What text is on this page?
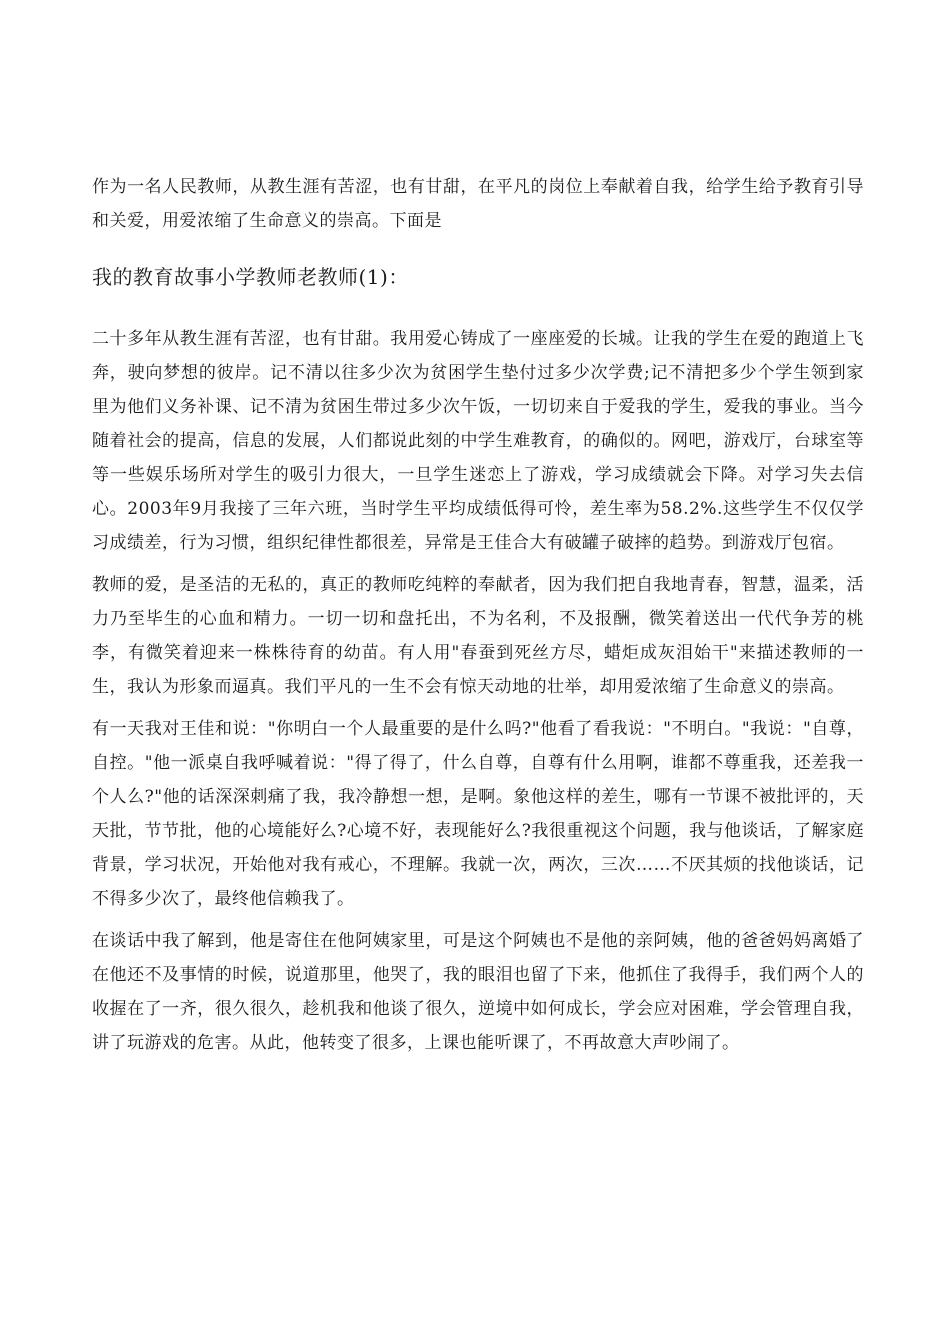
作为一名人民教师，从教生涯有苦涩，也有甘甜，在平凡的岗位上奉献着自我，给学生给予教育引导和关爱，用爱浓缩了生命意义的崇高。下面是

我的教育故事小学教师老教师(1)：

二十多年从教生涯有苦涩，也有甘甜。我用爱心铸成了一座座爱的长城。让我的学生在爱的跑道上飞奔，驶向梦想的彼岸。记不清以往多少次为贫困学生垫付过多少次学费;记不清把多少个学生领到家里为他们义务补课、记不清为贫困生带过多少次午饭，一切切来自于爱我的学生，爱我的事业。当今随着社会的提高，信息的发展，人们都说此刻的中学生难教育，的确似的。网吧，游戏厅，台球室等等一些娱乐场所对学生的吸引力很大，一旦学生迷恋上了游戏，学习成绩就会下降。对学习失去信心。2003年9月我接了三年六班，当时学生平均成绩低得可怜，差生率为58.2%.这些学生不仅仅学习成绩差，行为习惯，组织纪律性都很差，异常是王佳合大有破罐子破摔的趋势。到游戏厅包宿。

教师的爱，是圣洁的无私的，真正的教师吃纯粹的奉献者，因为我们把自我地青春，智慧，温柔，活力乃至毕生的心血和精力。一切一切和盘托出，不为名利，不及报酬，微笑着送出一代代争芳的桃李，有微笑着迎来一株株待育的幼苗。有人用"春蚕到死丝方尽，蜡炬成灰泪始干"来描述教师的一生，我认为形象而逼真。我们平凡的一生不会有惊天动地的壮举，却用爱浓缩了生命意义的崇高。

有一天我对王佳和说："你明白一个人最重要的是什么吗?"他看了看我说："不明白。"我说："自尊，自控。"他一派桌自我呼喊着说："得了得了，什么自尊，自尊有什么用啊，谁都不尊重我，还差我一个人么?"他的话深深刺痛了我，我冷静想一想，是啊。象他这样的差生，哪有一节课不被批评的，天天批，节节批，他的心境能好么?心境不好，表现能好么?我很重视这个问题，我与他谈话，了解家庭背景，学习状况，开始他对我有戒心，不理解。我就一次，两次，三次……不厌其烦的找他谈话，记不得多少次了，最终他信赖我了。

在谈话中我了解到，他是寄住在他阿姨家里，可是这个阿姨也不是他的亲阿姨，他的爸爸妈妈离婚了在他还不及事情的时候，说道那里，他哭了，我的眼泪也留了下来，他抓住了我得手，我们两个人的收握在了一齐，很久很久，趁机我和他谈了很久，逆境中如何成长，学会应对困难，学会管理自我，讲了玩游戏的危害。从此，他转变了很多，上课也能听课了，不再故意大声吵闹了。
